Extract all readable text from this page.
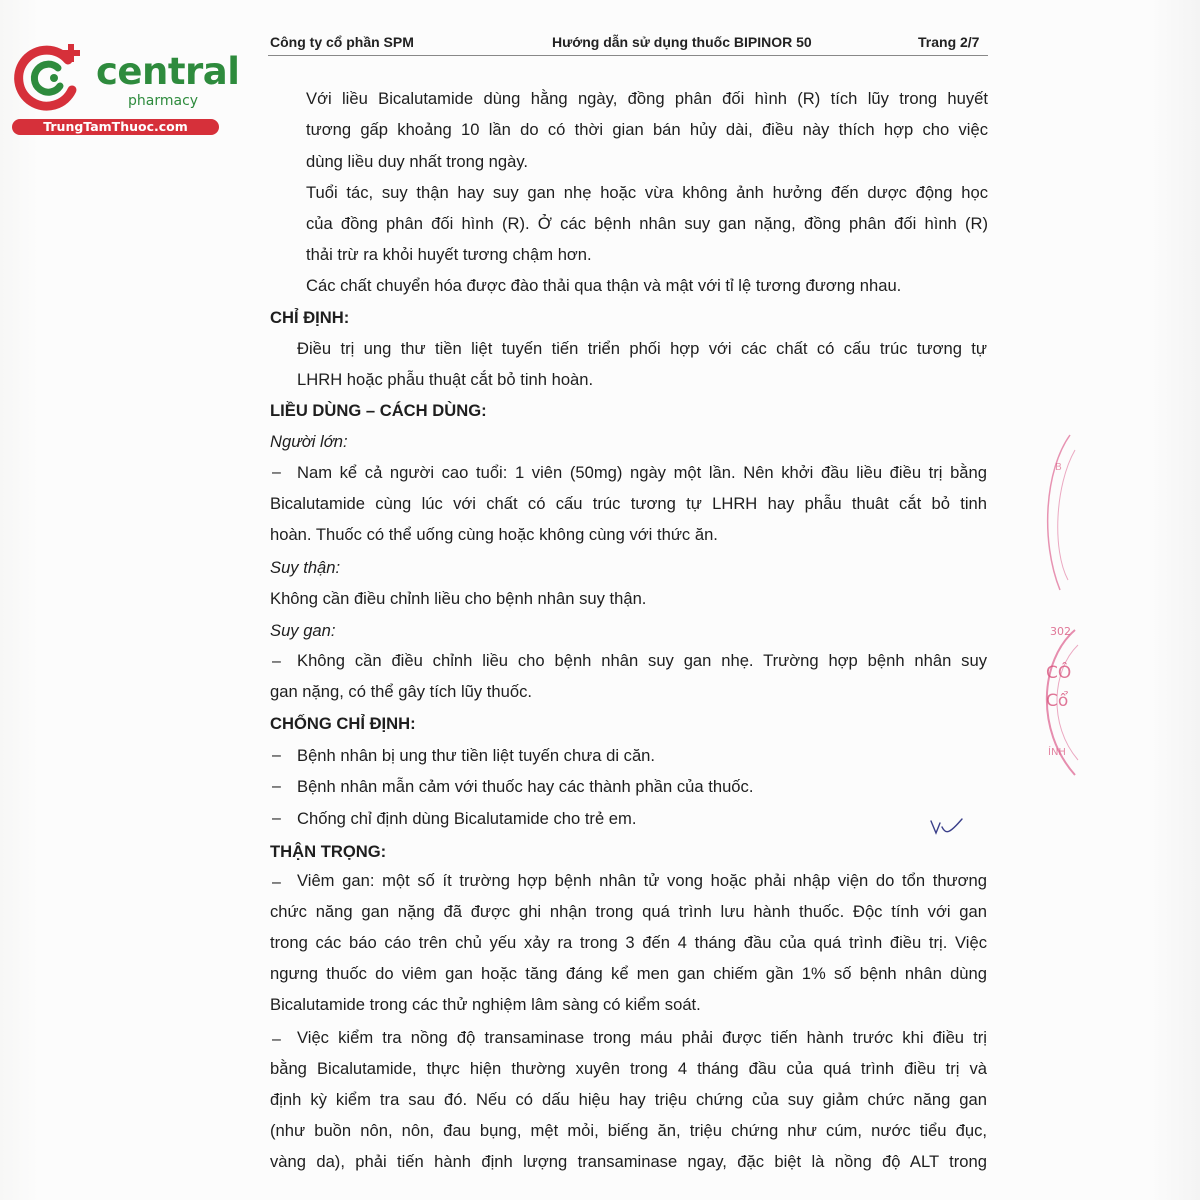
central
pharmacy
TrungTamThuoc.com
Công ty cổ phần SPM	Hướng dẫn sử dụng thuốc BIPINOR 50	Trang 2/7
Với liều Bicalutamide dùng hằng ngày, đồng phân đối hình (R) tích lũy trong huyết
tương gấp khoảng 10 lần do có thời gian bán hủy dài, điều này thích hợp cho việc
dùng liều duy nhất trong ngày.
Tuổi tác, suy thận hay suy gan nhẹ hoặc vừa không ảnh hưởng đến dược động học
của đồng phân đối hình (R). Ở các bệnh nhân suy gan nặng, đồng phân đối hình (R)
thải trừ ra khỏi huyết tương chậm hơn.
Các chất chuyển hóa được đào thải qua thận và mật với tỉ lệ tương đương nhau.
CHỈ ĐỊNH:
Điều trị ung thư tiền liệt tuyến tiến triển phối hợp với các chất có cấu trúc tương tự
LHRH hoặc phẫu thuật cắt bỏ tinh hoàn.
LIỀU DÙNG – CÁCH DÙNG:
Người lớn:
– Nam kể cả người cao tuổi: 1 viên (50mg) ngày một lần. Nên khởi đầu liều điều trị bằng
Bicalutamide cùng lúc với chất có cấu trúc tương tự LHRH hay phẫu thuât cắt bỏ tinh
hoàn. Thuốc có thể uống cùng hoặc không cùng với thức ăn.
Suy thận:
Không cần điều chỉnh liều cho bệnh nhân suy thận.
Suy gan:
– Không cần điều chỉnh liều cho bệnh nhân suy gan nhẹ. Trường hợp bệnh nhân suy
gan nặng, có thể gây tích lũy thuốc.
CHỐNG CHỈ ĐỊNH:
– Bệnh nhân bị ung thư tiền liệt tuyến chưa di căn.
– Bệnh nhân mẫn cảm với thuốc hay các thành phần của thuốc.
– Chống chỉ định dùng Bicalutamide cho trẻ em.
THẬN TRỌNG:
– Viêm gan: một số ít trường hợp bệnh nhân tử vong hoặc phải nhập viện do tổn thương
chức năng gan nặng đã được ghi nhận trong quá trình lưu hành thuốc. Độc tính với gan
trong các báo cáo trên chủ yếu xảy ra trong 3 đến 4 tháng đầu của quá trình điều trị. Việc
ngưng thuốc do viêm gan hoặc tăng đáng kể men gan chiếm gần 1% số bệnh nhân dùng
Bicalutamide trong các thử nghiệm lâm sàng có kiểm soát.
– Việc kiểm tra nồng độ transaminase trong máu phải được tiến hành trước khi điều trị
bằng Bicalutamide, thực hiện thường xuyên trong 4 tháng đầu của quá trình điều trị và
định kỳ kiểm tra sau đó. Nếu có dấu hiệu hay triệu chứng của suy giảm chức năng gan
(như buồn nôn, nôn, đau bụng, mệt mỏi, biếng ăn, triệu chứng như cúm, nước tiểu đục,
vàng da), phải tiến hành định lượng transaminase ngay, đặc biệt là nồng độ ALT trong
302
CÔ
Cổ
ÍNH
B
